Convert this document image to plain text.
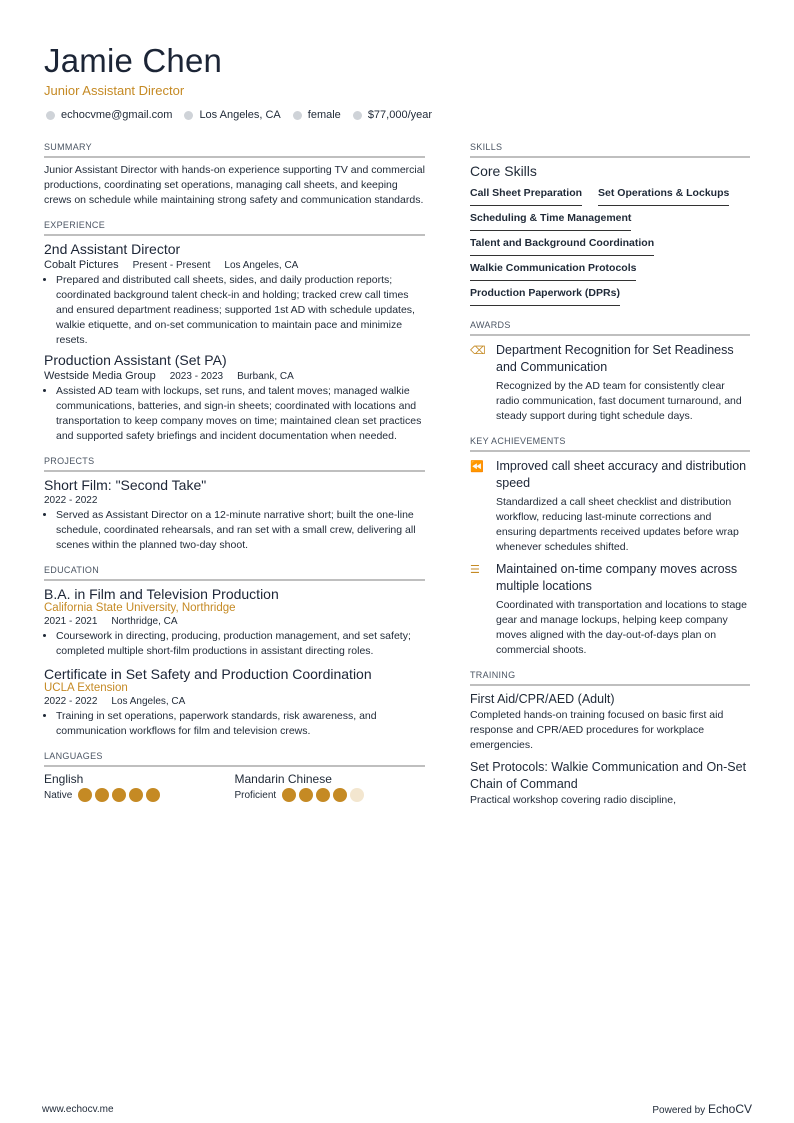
Jamie Chen
Junior Assistant Director
echocvme@gmail.com Los Angeles, CA female $77,000/year
SUMMARY
Junior Assistant Director with hands-on experience supporting TV and commercial productions, coordinating set operations, managing call sheets, and keeping crews on schedule while maintaining strong safety and communication standards.
EXPERIENCE
2nd Assistant Director
Cobalt Pictures Present - Present Los Angeles, CA
• Prepared and distributed call sheets, sides, and daily production reports; coordinated background talent check-in and holding; tracked crew call times and ensured department readiness; supported 1st AD with schedule updates, walkie etiquette, and on-set communication to maintain pace and minimize resets.
Production Assistant (Set PA)
Westside Media Group 2023 - 2023 Burbank, CA
• Assisted AD team with lockups, set runs, and talent moves; managed walkie communications, batteries, and sign-in sheets; coordinated with locations and transportation to keep company moves on time; maintained clean set practices and supported safety briefings and incident documentation when needed.
PROJECTS
Short Film: "Second Take"
2022 - 2022
• Served as Assistant Director on a 12-minute narrative short; built the one-line schedule, coordinated rehearsals, and ran set with a small crew, delivering all scenes within the planned two-day shoot.
EDUCATION
B.A. in Film and Television Production
California State University, Northridge
2021 - 2021 Northridge, CA
• Coursework in directing, producing, production management, and set safety; completed multiple short-film productions in assistant directing roles.
Certificate in Set Safety and Production Coordination
UCLA Extension
2022 - 2022 Los Angeles, CA
• Training in set operations, paperwork standards, risk awareness, and communication workflows for film and television crews.
LANGUAGES
English
Native
Mandarin Chinese
Proficient
SKILLS
Core Skills
Call Sheet Preparation Set Operations & Lockups
Scheduling & Time Management
Talent and Background Coordination
Walkie Communication Protocols
Production Paperwork (DPRs)
AWARDS
⌫ Department Recognition for Set Readiness and Communication
Recognized by the AD team for consistently clear radio communication, fast document turnaround, and steady support during tight schedule days.
KEY ACHIEVEMENTS
⏪ Improved call sheet accuracy and distribution speed
Standardized a call sheet checklist and distribution workflow, reducing last-minute corrections and ensuring departments received updates before wrap whenever schedules shifted.
☰	Maintained on-time company moves across multiple locations
Coordinated with transportation and locations to stage gear and manage lockups, helping keep company moves aligned with the day-out-of-days plan on commercial shoots.
TRAINING
First Aid/CPR/AED (Adult)
Completed hands-on training focused on basic first aid response and CPR/AED procedures for workplace emergencies.
Set Protocols: Walkie Communication and On-Set Chain of Command
Practical workshop covering radio discipline,
www.echocv.me	Powered by EchoCV
